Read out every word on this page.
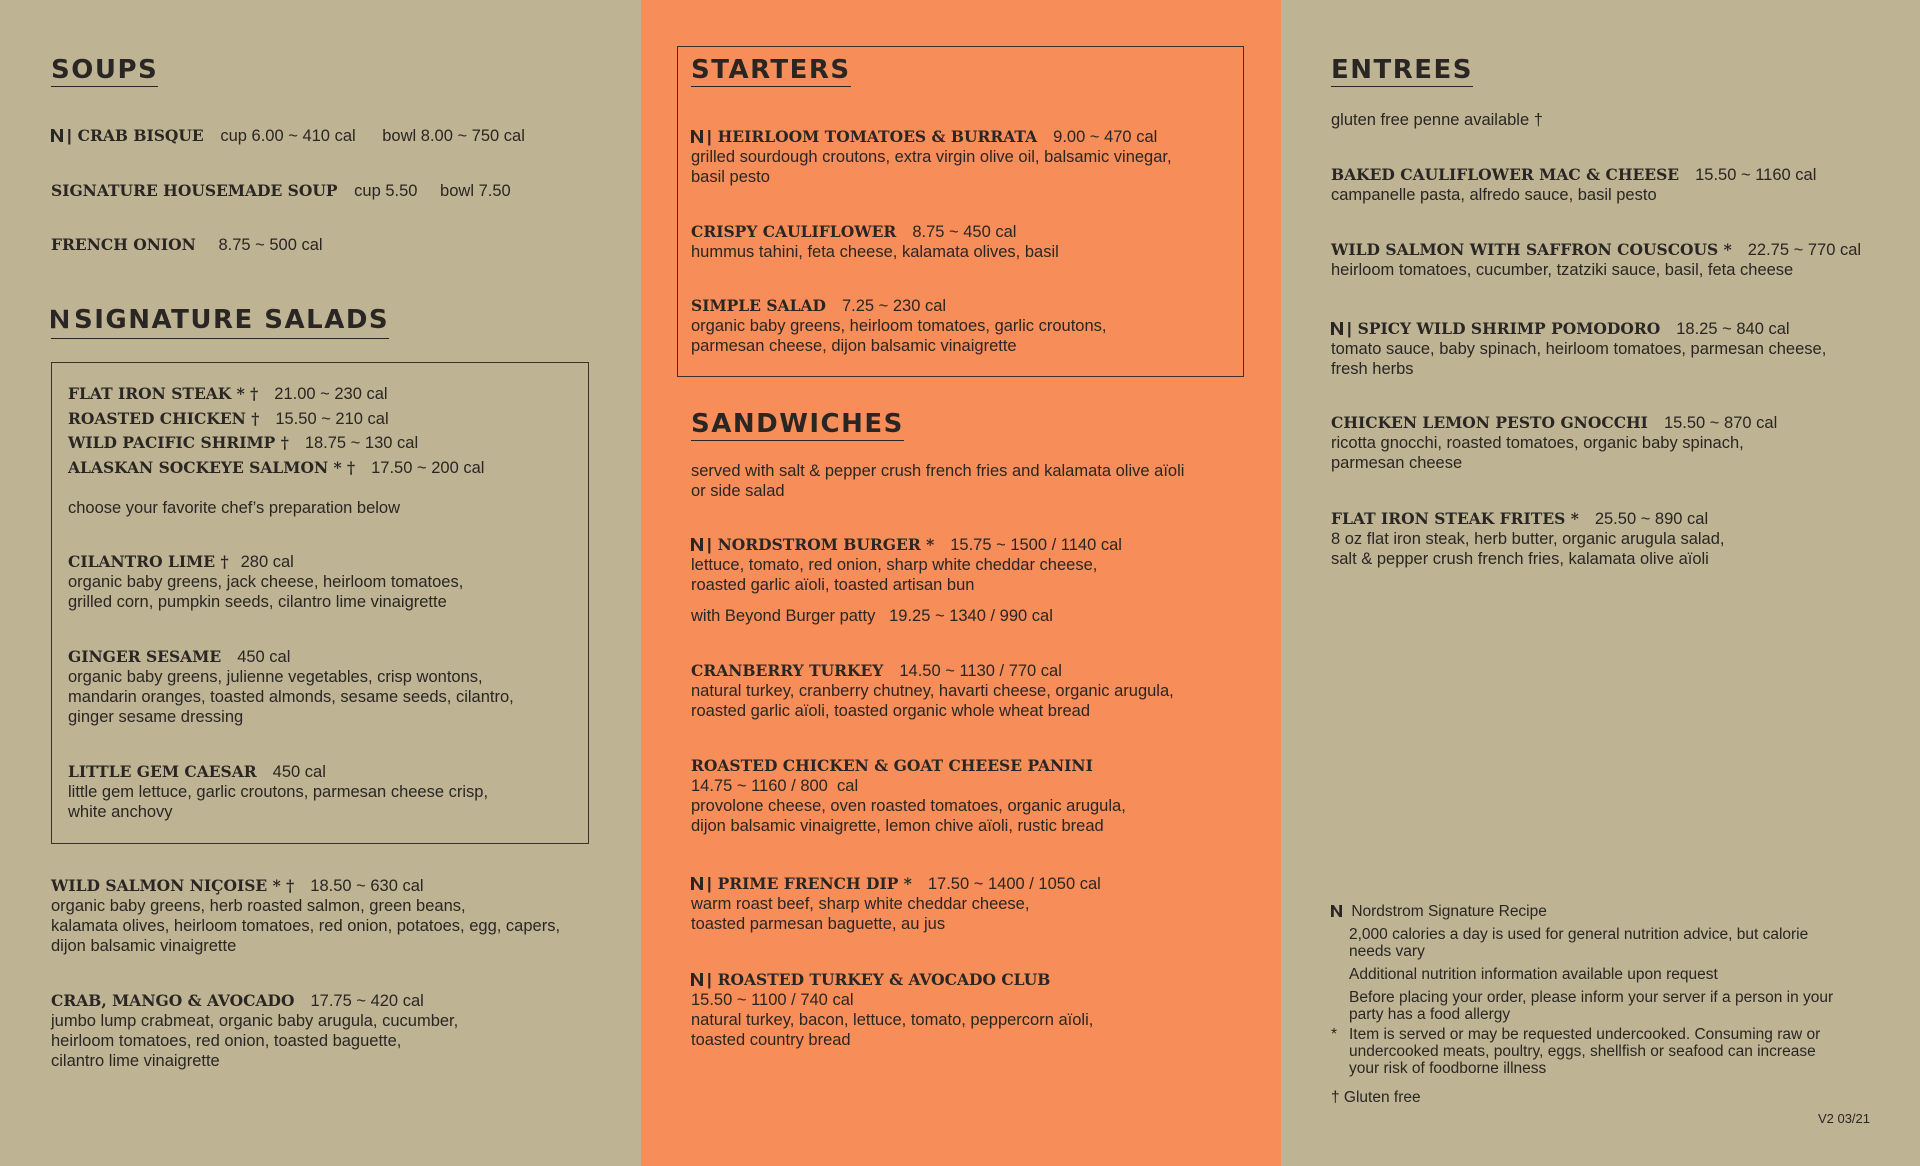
SOUPS
| CRAB BISQUE cup 6.00 ~ 410 cal bowl 8.00 ~ 750 cal
SIGNATURE HOUSEMADE SOUP cup 5.50 bowl 7.50
FRENCH ONION 8.75 ~ 500 cal
SIGNATURE SALADS
FLAT IRON STEAK * † 21.00 ~ 230 cal
ROASTED CHICKEN † 15.50 ~ 210 cal
WILD PACIFIC SHRIMP † 18.75 ~ 130 cal
ALASKAN SOCKEYE SALMON * † 17.50 ~ 200 cal
choose your favorite chef’s preparation below
CILANTRO LIME † 280 cal
organic baby greens, jack cheese, heirloom tomatoes,
grilled corn, pumpkin seeds, cilantro lime vinaigrette
GINGER SESAME 450 cal
organic baby greens, julienne vegetables, crisp wontons,
mandarin oranges, toasted almonds, sesame seeds, cilantro,
ginger sesame dressing
LITTLE GEM CAESAR 450 cal
little gem lettuce, garlic croutons, parmesan cheese crisp,
white anchovy
WILD SALMON NIÇOISE * † 18.50 ~ 630 cal
organic baby greens, herb roasted salmon, green beans,
kalamata olives, heirloom tomatoes, red onion, potatoes, egg, capers,
dijon balsamic vinaigrette
CRAB, MANGO & AVOCADO 17.75 ~ 420 cal
jumbo lump crabmeat, organic baby arugula, cucumber,
heirloom tomatoes, red onion, toasted baguette,
cilantro lime vinaigrette
STARTERS
| HEIRLOOM TOMATOES & BURRATA 9.00 ~ 470 cal
grilled sourdough croutons, extra virgin olive oil, balsamic vinegar,
basil pesto
CRISPY CAULIFLOWER 8.75 ~ 450 cal
hummus tahini, feta cheese, kalamata olives, basil
SIMPLE SALAD 7.25 ~ 230 cal
organic baby greens, heirloom tomatoes, garlic croutons,
parmesan cheese, dijon balsamic vinaigrette
SANDWICHES
served with salt & pepper crush french fries and kalamata olive aïoli
or side salad
| NORDSTROM BURGER * 15.75 ~ 1500 / 1140 cal
lettuce, tomato, red onion, sharp white cheddar cheese,
roasted garlic aïoli, toasted artisan bun
with Beyond Burger patty   19.25 ~ 1340 / 990 cal
CRANBERRY TURKEY 14.50 ~ 1130 / 770 cal
natural turkey, cranberry chutney, havarti cheese, organic arugula,
roasted garlic aïoli, toasted organic whole wheat bread
ROASTED CHICKEN & GOAT CHEESE PANINI
14.75 ~ 1160 / 800  cal
provolone cheese, oven roasted tomatoes, organic arugula,
dijon balsamic vinaigrette, lemon chive aïoli, rustic bread
| PRIME FRENCH DIP * 17.50 ~ 1400 / 1050 cal
warm roast beef, sharp white cheddar cheese,
toasted parmesan baguette, au jus
| ROASTED TURKEY & AVOCADO CLUB
15.50 ~ 1100 / 740 cal
natural turkey, bacon, lettuce, tomato, peppercorn aïoli,
toasted country bread
ENTREES
gluten free penne available †
BAKED CAULIFLOWER MAC & CHEESE 15.50 ~ 1160 cal
campanelle pasta, alfredo sauce, basil pesto
WILD SALMON WITH SAFFRON COUSCOUS * 22.75 ~ 770 cal
heirloom tomatoes, cucumber, tzatziki sauce, basil, feta cheese
| SPICY WILD SHRIMP POMODORO 18.25 ~ 840 cal
tomato sauce, baby spinach, heirloom tomatoes, parmesan cheese,
fresh herbs
CHICKEN LEMON PESTO GNOCCHI 15.50 ~ 870 cal
ricotta gnocchi, roasted tomatoes, organic baby spinach,
parmesan cheese
FLAT IRON STEAK FRITES * 25.50 ~ 890 cal
8 oz flat iron steak, herb butter, organic arugula salad,
salt & pepper crush french fries, kalamata olive aïoli
Nordstrom Signature Recipe
2,000 calories a day is used for general nutrition advice, but calorie
needs vary
Additional nutrition information available upon request
Before placing your order, please inform your server if a person in your
party has a food allergy
* Item is served or may be requested undercooked. Consuming raw or
undercooked meats, poultry, eggs, shellfish or seafood can increase
your risk of foodborne illness
† Gluten free
V2 03/21
